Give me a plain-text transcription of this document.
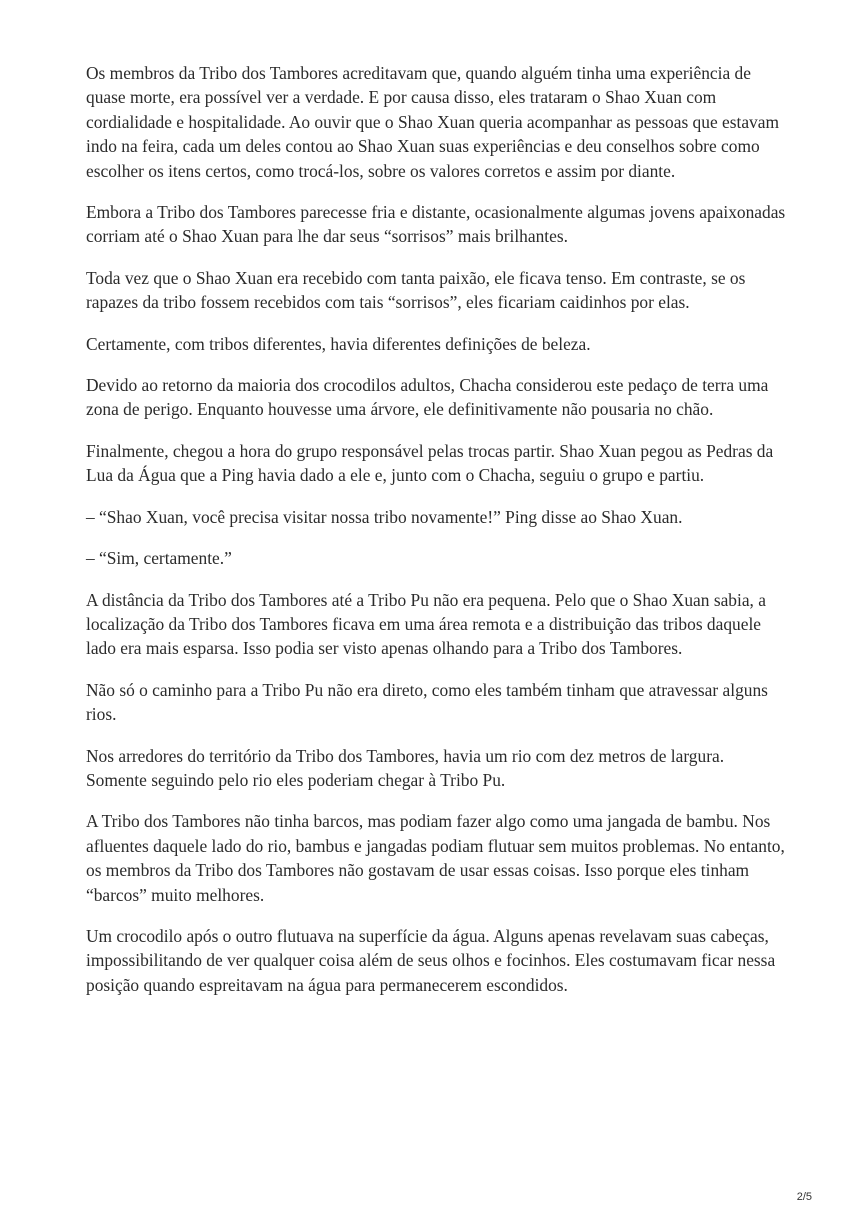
Os membros da Tribo dos Tambores acreditavam que, quando alguém tinha uma experiência de quase morte, era possível ver a verdade. E por causa disso, eles trataram o Shao Xuan com cordialidade e hospitalidade. Ao ouvir que o Shao Xuan queria acompanhar as pessoas que estavam indo na feira, cada um deles contou ao Shao Xuan suas experiências e deu conselhos sobre como escolher os itens certos, como trocá-los, sobre os valores corretos e assim por diante.

Embora a Tribo dos Tambores parecesse fria e distante, ocasionalmente algumas jovens apaixonadas corriam até o Shao Xuan para lhe dar seus “sorrisos” mais brilhantes.

Toda vez que o Shao Xuan era recebido com tanta paixão, ele ficava tenso. Em contraste, se os rapazes da tribo fossem recebidos com tais “sorrisos”, eles ficariam caidinhos por elas.

Certamente, com tribos diferentes, havia diferentes definições de beleza.

Devido ao retorno da maioria dos crocodilos adultos, Chacha considerou este pedaço de terra uma zona de perigo. Enquanto houvesse uma árvore, ele definitivamente não pousaria no chão.

Finalmente, chegou a hora do grupo responsável pelas trocas partir. Shao Xuan pegou as Pedras da Lua da Água que a Ping havia dado a ele e, junto com o Chacha, seguiu o grupo e partiu.

– “Shao Xuan, você precisa visitar nossa tribo novamente!” Ping disse ao Shao Xuan.

– “Sim, certamente.”

A distância da Tribo dos Tambores até a Tribo Pu não era pequena. Pelo que o Shao Xuan sabia, a localização da Tribo dos Tambores ficava em uma área remota e a distribuição das tribos daquele lado era mais esparsa. Isso podia ser visto apenas olhando para a Tribo dos Tambores.

Não só o caminho para a Tribo Pu não era direto, como eles também tinham que atravessar alguns rios.

Nos arredores do território da Tribo dos Tambores, havia um rio com dez metros de largura. Somente seguindo pelo rio eles poderiam chegar à Tribo Pu.

A Tribo dos Tambores não tinha barcos, mas podiam fazer algo como uma jangada de bambu. Nos afluentes daquele lado do rio, bambus e jangadas podiam flutuar sem muitos problemas. No entanto, os membros da Tribo dos Tambores não gostavam de usar essas coisas. Isso porque eles tinham “barcos” muito melhores.

Um crocodilo após o outro flutuava na superfície da água. Alguns apenas revelavam suas cabeças, impossibilitando de ver qualquer coisa além de seus olhos e focinhos. Eles costumavam ficar nessa posição quando espreitavam na água para permanecerem escondidos.

2/5
